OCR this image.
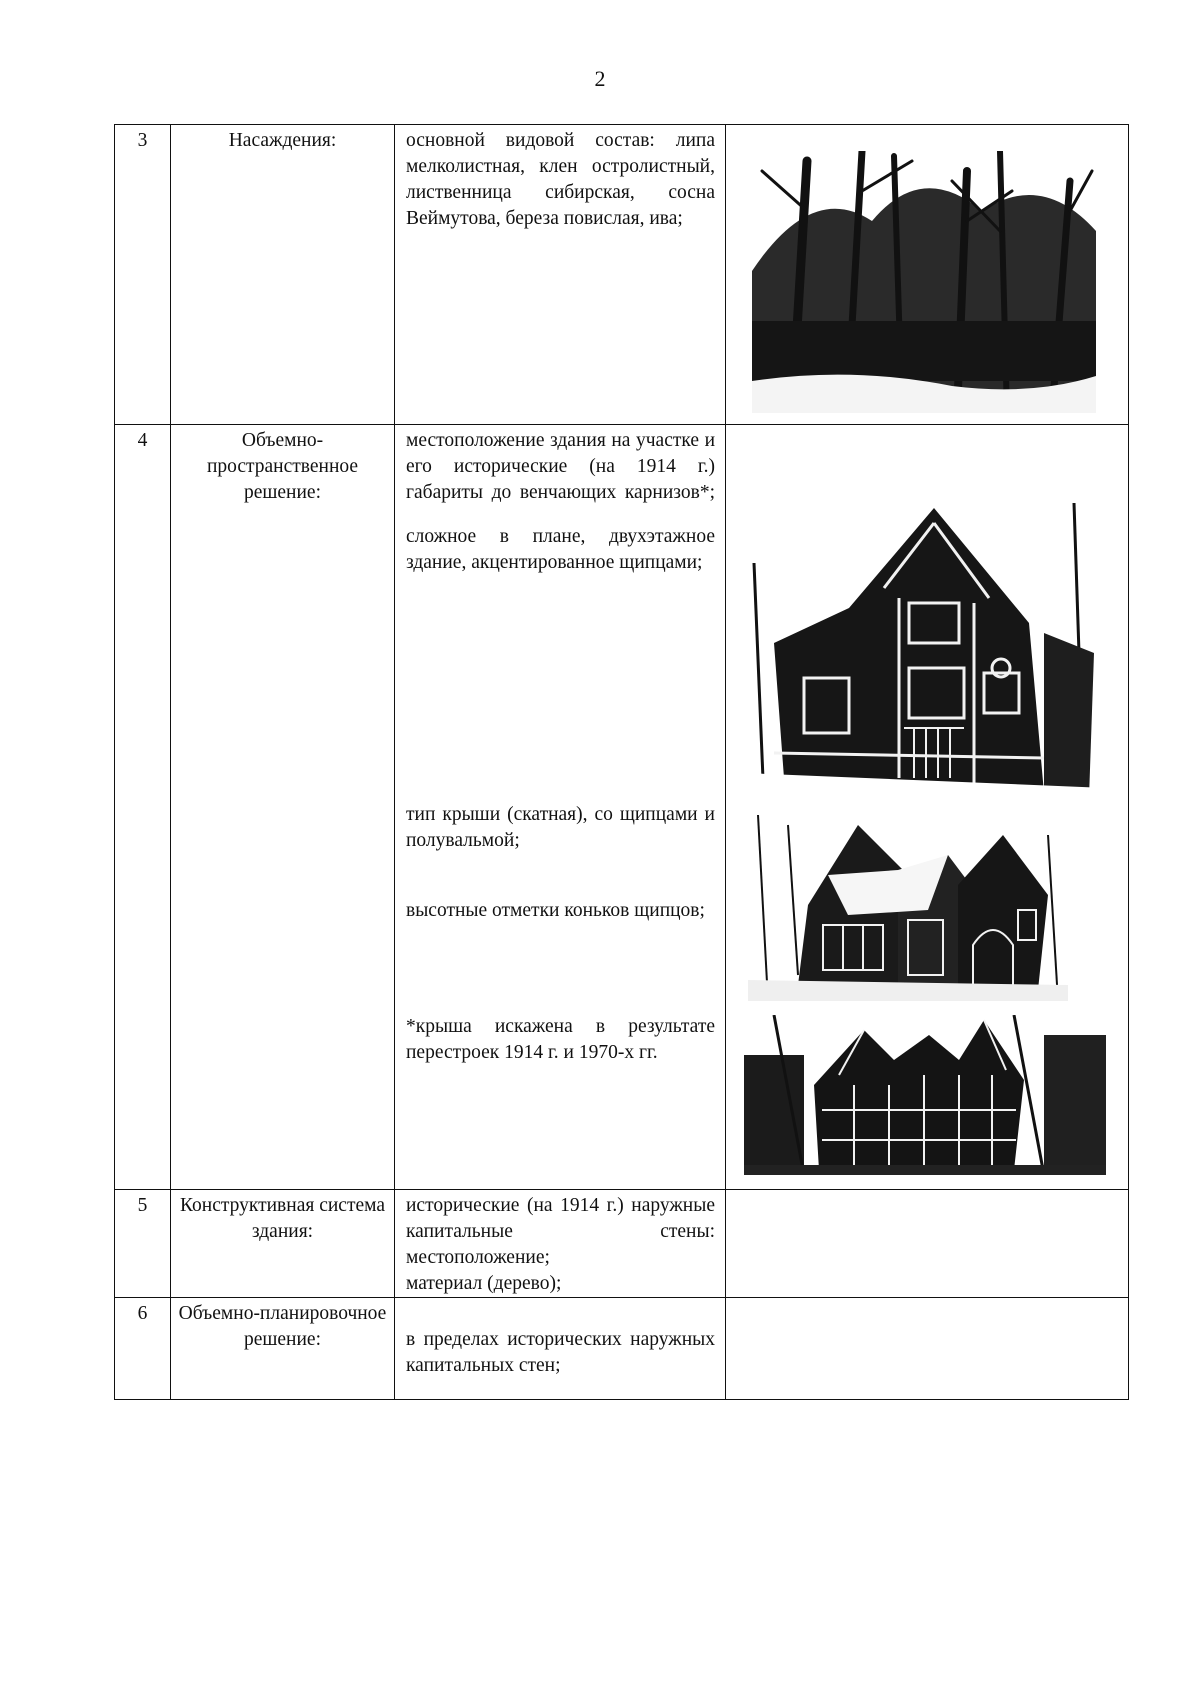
2
3	Насаждения:	основной видовой состав: липа мелколистная, клен остролистный, лиственница сибирская, сосна Веймутова, береза повислая, ива;

4	Объемно-пространственное решение:	местоположение здания на участке и его исторические (на 1914 г.) габариты до венчающих карнизов*;

сложное в плане, двухэтажное здание, акцентированное щипцами;

тип крыши (скатная), со щипцами и полувальмой;

высотные отметки коньков щипцов;

*крыша искажена в результате перестроек 1914 г. и 1970-х гг.

5	Конструктивная система здания:	исторические (на 1914 г.) наружные капитальные стены: местоположение;

материал (дерево);	

6	Объемно-планировочное решение:	в пределах исторических наружных капитальных стен;	
